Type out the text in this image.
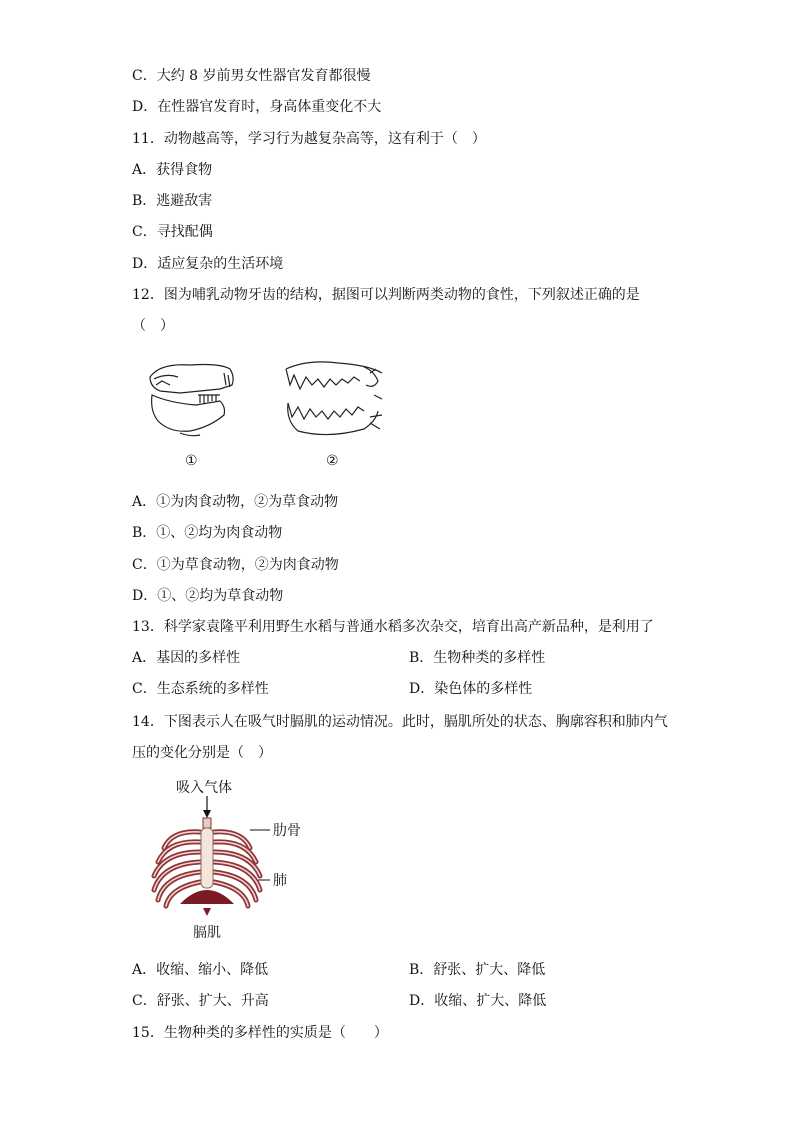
C．大约 8 岁前男女性器官发育都很慢
D．在性器官发育时，身高体重变化不大
11．动物越高等，学习行为越复杂高等，这有利于（　）
A．获得食物
B．逃避敌害
C．寻找配偶
D．适应复杂的生活环境
12．图为哺乳动物牙齿的结构，据图可以判断两类动物的食性，下列叙述正确的是
（　）
①	②
A．①为肉食动物，②为草食动物
B．①、②均为肉食动物
C．①为草食动物，②为肉食动物
D．①、②均为草食动物
13．科学家袁隆平利用野生水稻与普通水稻多次杂交，培育出高产新品种，是利用了
A．基因的多样性	B．生物种类的多样性
C．生态系统的多样性	D．染色体的多样性
14．下图表示人在吸气时膈肌的运动情况。此时，膈肌所处的状态、胸廓容积和肺内气
压的变化分别是（　）
吸入气体
肋骨
肺
膈肌
A．收缩、缩小、降低	B．舒张、扩大、降低
C．舒张、扩大、升高	D．收缩、扩大、降低
15．生物种类的多样性的实质是（　　）
